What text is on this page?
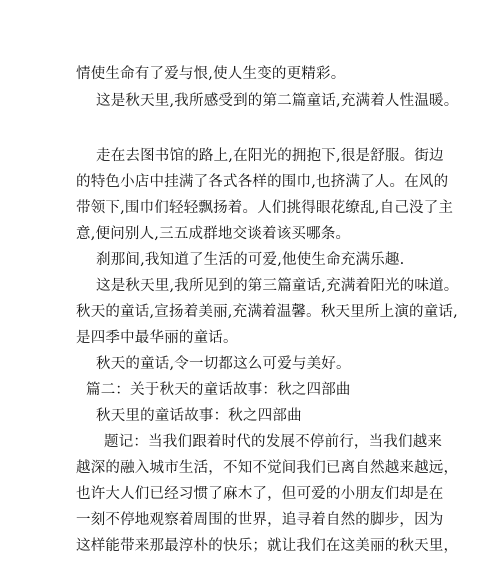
情使生命有了爱与恨,使人生变的更精彩。
这是秋天里,我所感受到的第二篇童话,充满着人性温暖。
走在去图书馆的路上,在阳光的拥抱下,很是舒服。街边
的特色小店中挂满了各式各样的围巾,也挤满了人。在风的
带领下,围巾们轻轻飘扬着。人们挑得眼花缭乱,自己没了主
意,便问别人,三五成群地交谈着该买哪条。
刹那间,我知道了生活的可爱,他使生命充满乐趣.
这是秋天里,我所见到的第三篇童话,充满着阳光的味道。
秋天的童话,宣扬着美丽,充满着温馨。秋天里所上演的童话,
是四季中最华丽的童话。
秋天的童话,令一切都这么可爱与美好。
篇二：关于秋天的童话故事：秋之四部曲
秋天里的童话故事：秋之四部曲
题记：当我们跟着时代的发展不停前行，当我们越来
越深的融入城市生活，不知不觉间我们已离自然越来越远，
也许大人们已经习惯了麻木了，但可爱的小朋友们却是在
一刻不停地观察着周围的世界，追寻着自然的脚步，因为
这样能带来那最淳朴的快乐；就让我们在这美丽的秋天里，
